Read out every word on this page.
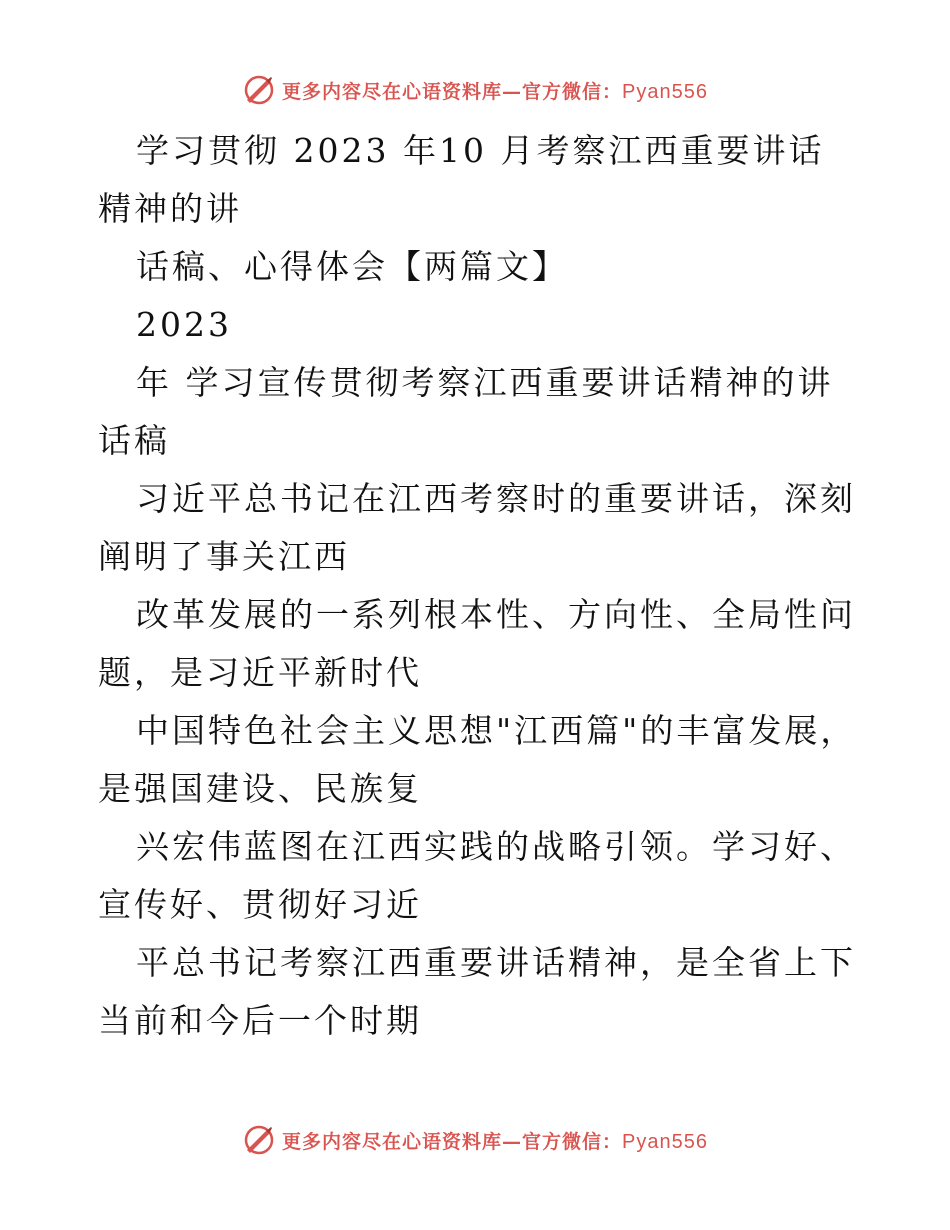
更多内容尽在心语资料库—官方微信：Pyan556

学习贯彻 2023 年10 月考察江西重要讲话精神的讲

话稿、心得体会【两篇文】

2023

年 学习宣传贯彻考察江西重要讲话精神的讲 话稿

习近平总书记在江西考察时的重要讲话，深刻阐明了事关江西

改革发展的一系列根本性、方向性、全局性问题，是习近平新时代

中国特色社会主义思想"江西篇"的丰富发展，是强国建设、民族复

兴宏伟蓝图在江西实践的战略引领。学习好、宣传好、贯彻好习近

平总书记考察江西重要讲话精神，是全省上下当前和今后一个时期

更多内容尽在心语资料库—官方微信：Pyan556
